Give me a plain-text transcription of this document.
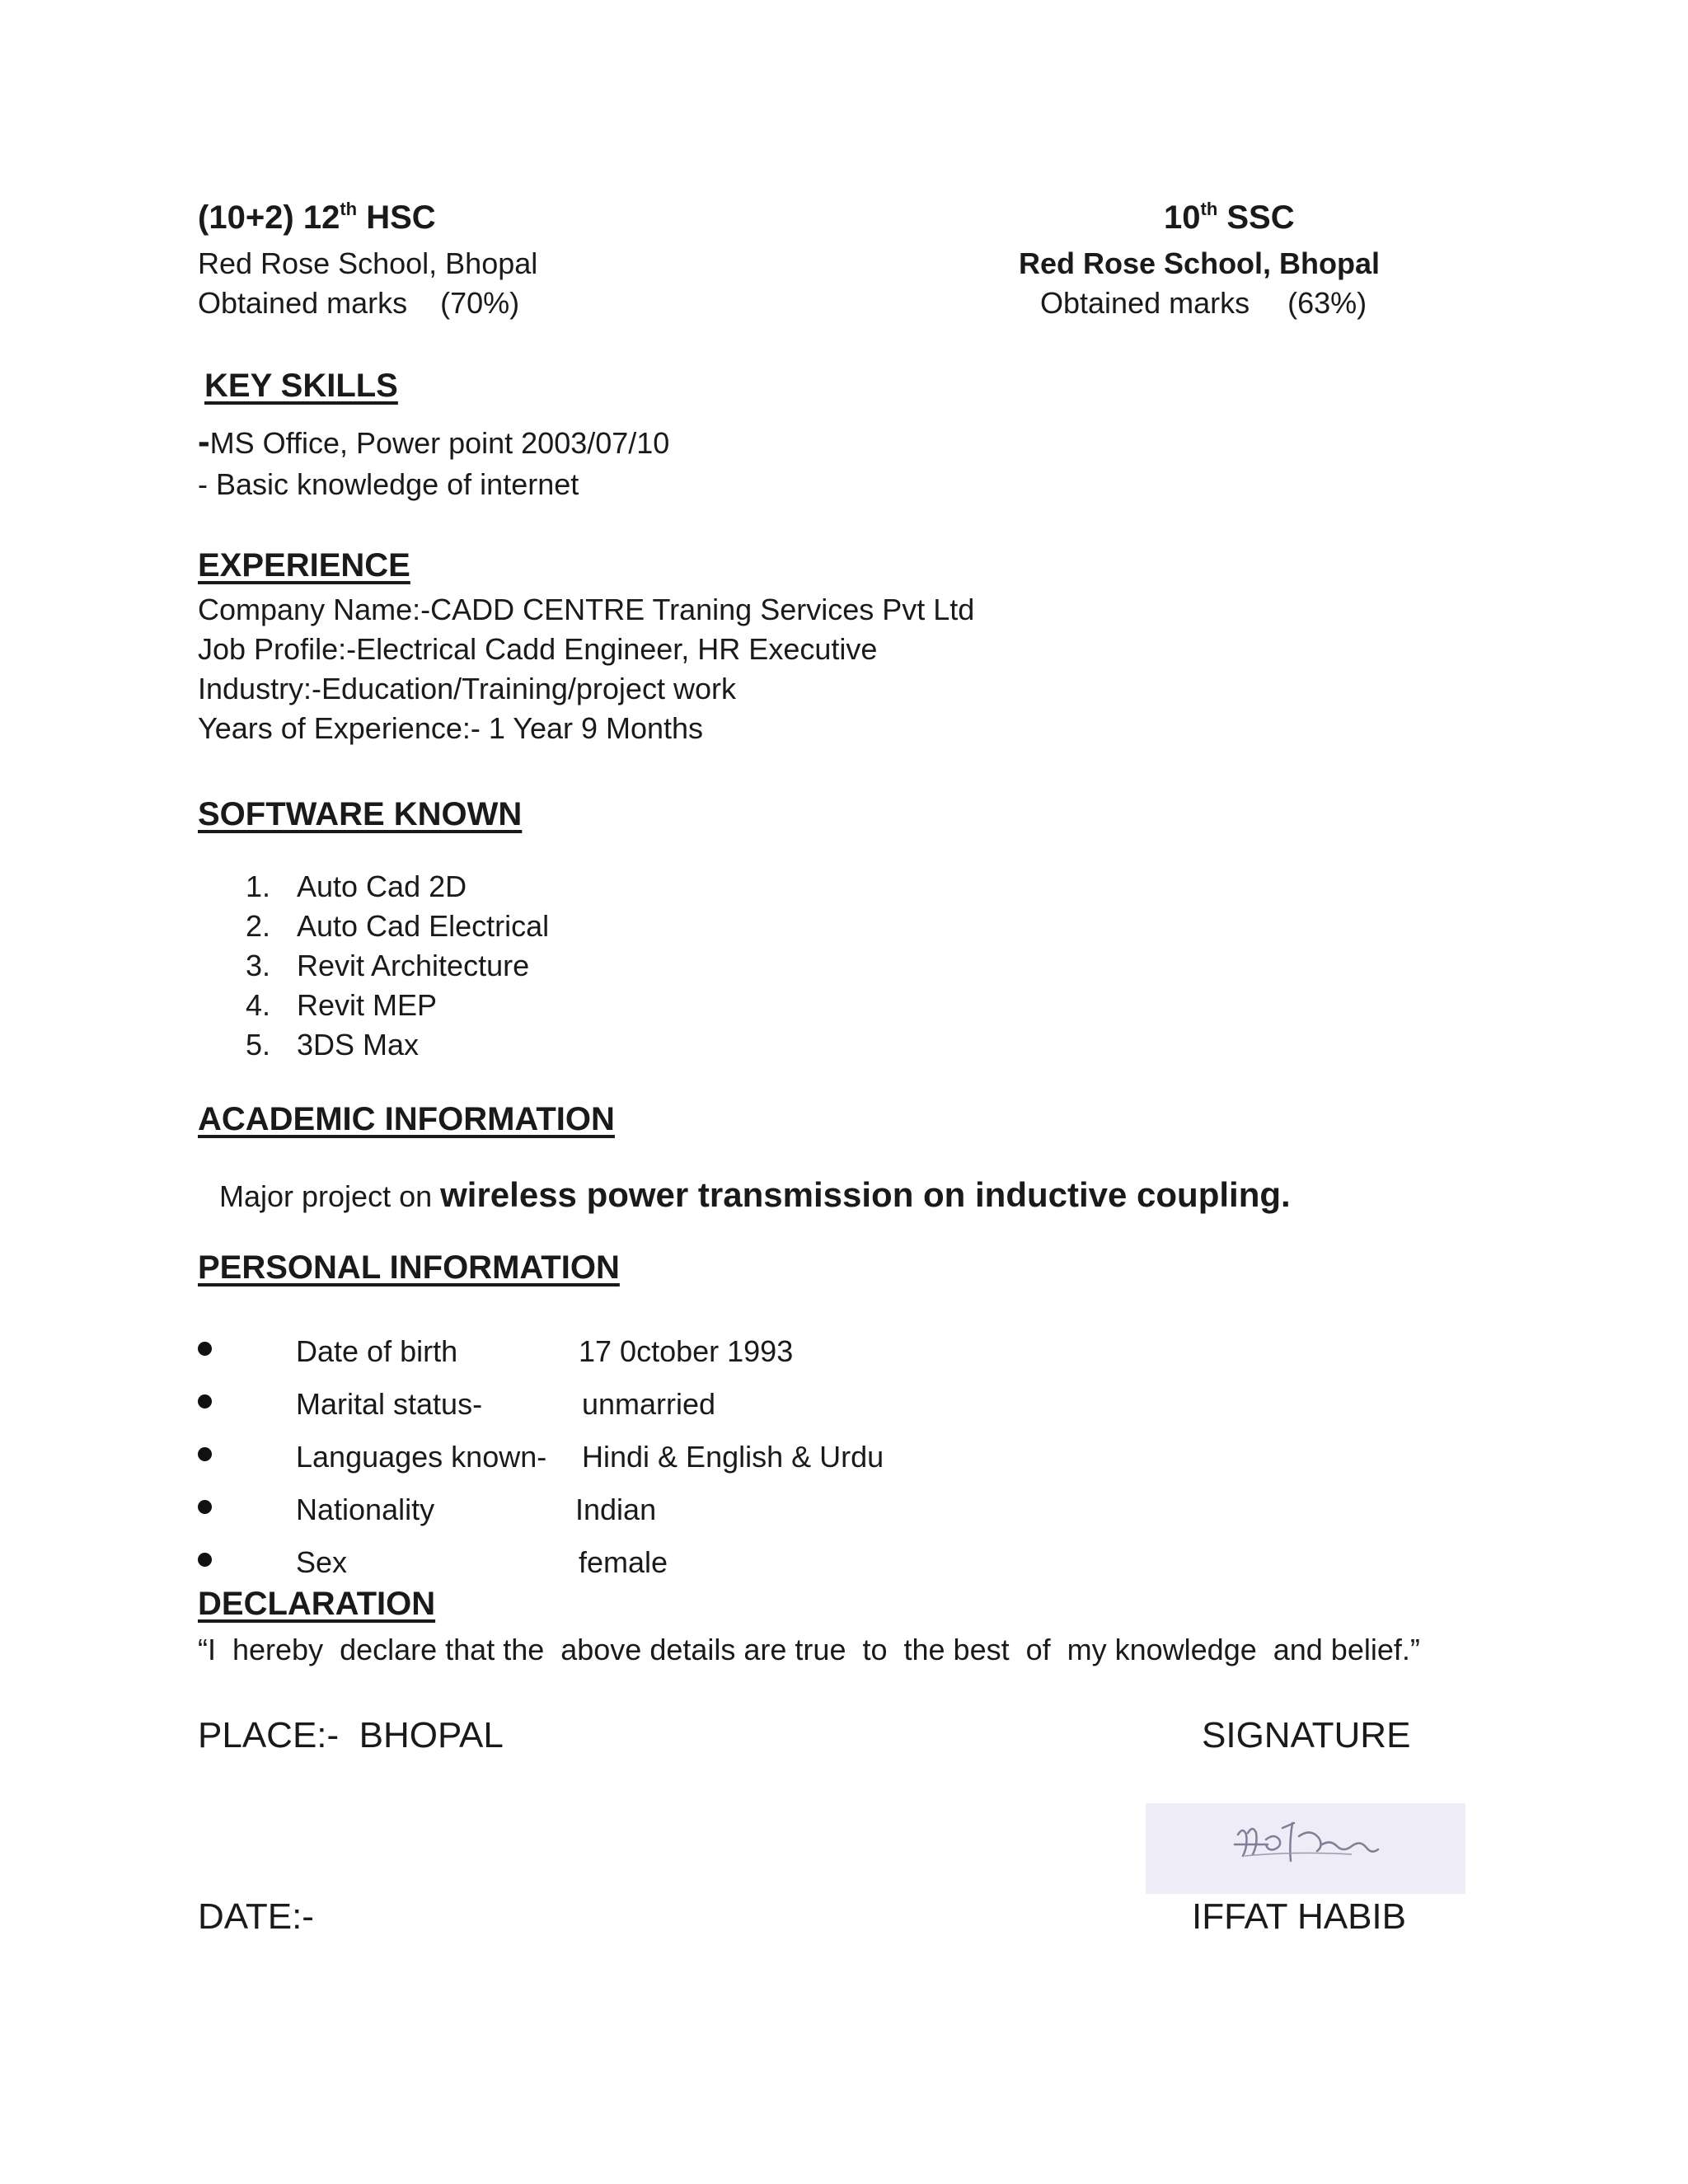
(10+2) 12th HSC
Red Rose School, Bhopal
Obtained marks (70%)
10th SSC
Red Rose School, Bhopal
Obtained marks (63%)
KEY SKILLS
-MS Office, Power point 2003/07/10
- Basic knowledge of internet
EXPERIENCE
Company Name:-CADD CENTRE Traning Services Pvt Ltd
Job Profile:-Electrical Cadd Engineer, HR Executive
Industry:-Education/Training/project work
Years of Experience:- 1 Year 9 Months
SOFTWARE KNOWN
1. Auto Cad 2D
2. Auto Cad Electrical
3. Revit Architecture
4. Revit MEP
5. 3DS Max
ACADEMIC INFORMATION
Major project on wireless power transmission on inductive coupling.
PERSONAL INFORMATION
Date of birth	17 0ctober 1993
Marital status-	unmarried
Languages known- Hindi & English & Urdu
Nationality	Indian
Sex	female
DECLARATION
“I  hereby  declare that the  above details are true  to  the best  of  my knowledge  and belief.”
PLACE:-  BHOPAL	SIGNATURE
DATE:-	IFFAT HABIB
